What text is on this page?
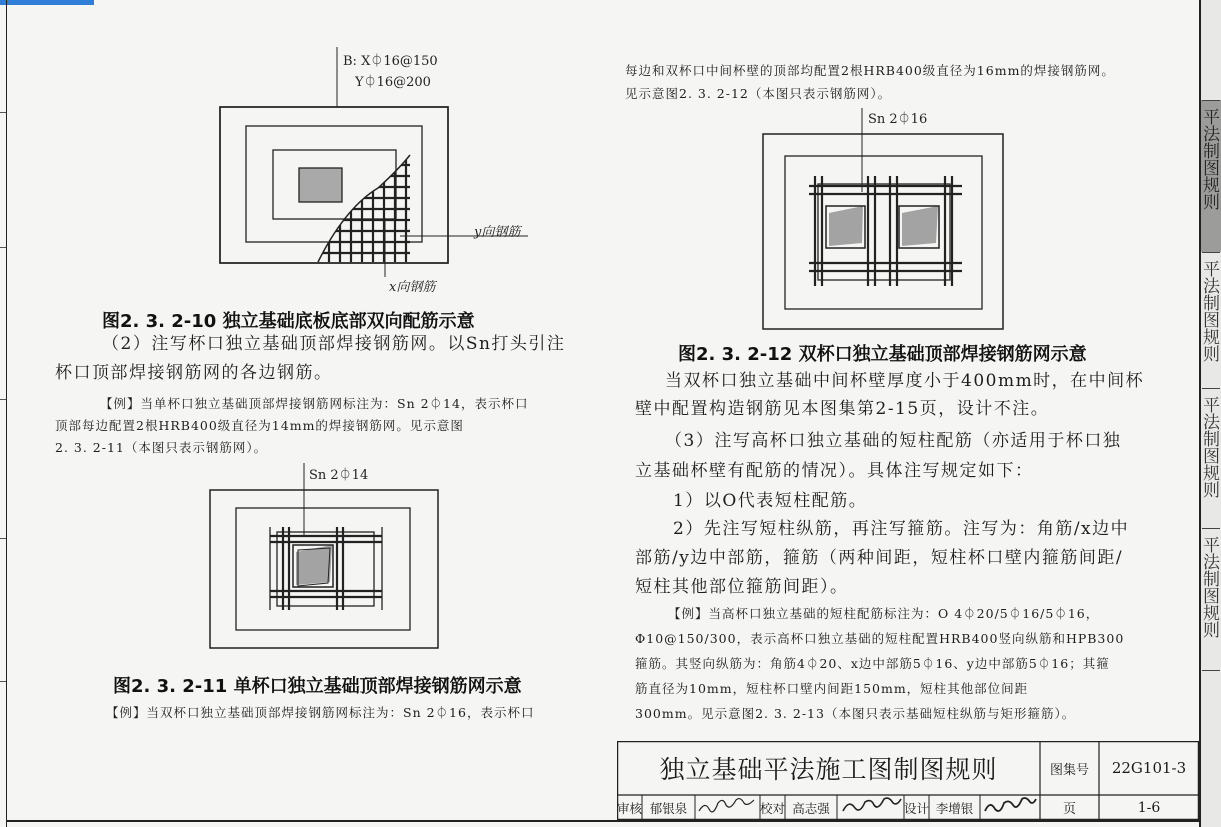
B: X⏀16@150
Y⏀16@200
y向钢筋
x向钢筋
图2. 3. 2-10 独立基础底板底部双向配筋示意
（2）注写杯口独立基础顶部焊接钢筋网。以Sn打头引注
杯口顶部焊接钢筋网的各边钢筋。
【例】当单杯口独立基础顶部焊接钢筋网标注为：Sn 2⏀14，表示杯口
顶部每边配置2根HRB400级直径为14mm的焊接钢筋网。见示意图
2. 3. 2-11（本图只表示钢筋网）。
Sn 2⏀14
图2. 3. 2-11 单杯口独立基础顶部焊接钢筋网示意
【例】当双杯口独立基础顶部焊接钢筋网标注为：Sn 2⏀16，表示杯口
每边和双杯口中间杯壁的顶部均配置2根HRB400级直径为16mm的焊接钢筋网。
见示意图2. 3. 2-12（本图只表示钢筋网）。
Sn 2⏀16
图2. 3. 2-12 双杯口独立基础顶部焊接钢筋网示意
当双杯口独立基础中间杯壁厚度小于400mm时，在中间杯
壁中配置构造钢筋见本图集第2-15页，设计不注。
（3）注写高杯口独立基础的短柱配筋（亦适用于杯口独
立基础杯壁有配筋的情况）。具体注写规定如下：
1）以O代表短柱配筋。
2）先注写短柱纵筋，再注写箍筋。注写为：角筋/x边中
部筋/y边中部筋，箍筋（两种间距，短柱杯口壁内箍筋间距/
短柱其他部位箍筋间距）。
【例】当高杯口独立基础的短柱配筋标注为：O 4⏀20/5⏀16/5⏀16，
Φ10@150/300，表示高杯口独立基础的短柱配置HRB400竖向纵筋和HPB300
箍筋。其竖向纵筋为：角筋4⏀20、x边中部筋5⏀16、y边中部筋5⏀16；其箍
筋直径为10mm，短柱杯口壁内间距150mm，短柱其他部位间距
300mm。见示意图2. 3. 2-13（本图只表示基础短柱纵筋与矩形箍筋）。
独立基础平法施工图制图规则	图集号	22G101-3
页	1-6
审核 郁银泉	校对 高志强	设计 李增银
平法制图规则
平法制图规则
平法制图规则
平法制图规则
